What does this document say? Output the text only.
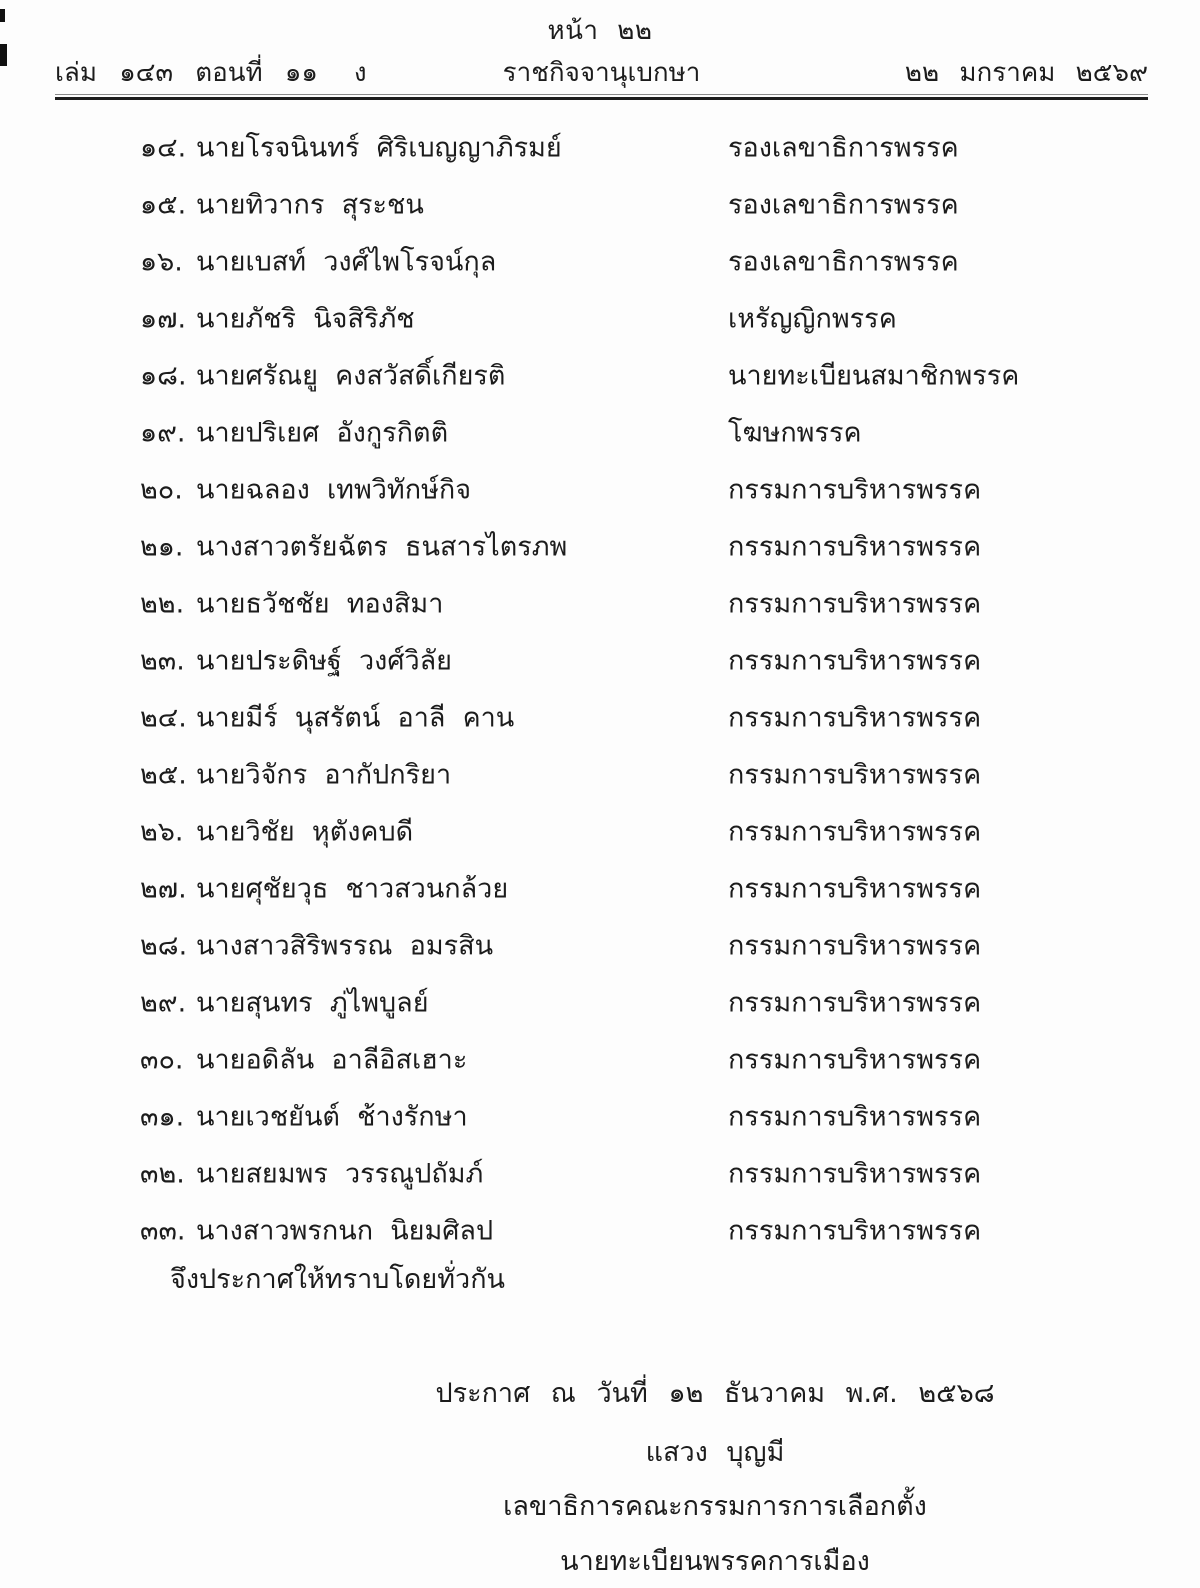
หน้า ๒๒
เล่ม ๑๔๓ ตอนที่ ๑๑ ง	ราชกิจจานุเบกษา	๒๒ มกราคม ๒๕๖๙
๑๔. นายโรจนินทร์  ศิริเบญญาภิรมย์	รองเลขาธิการพรรค
๑๕. นายทิวากร  สุระชน	รองเลขาธิการพรรค
๑๖. นายเบสท์  วงศ์ไพโรจน์กุล	รองเลขาธิการพรรค
๑๗. นายภัชริ  นิจสิริภัช	เหรัญญิกพรรค
๑๘. นายศรัณยู  คงสวัสดิ์เกียรติ	นายทะเบียนสมาชิกพรรค
๑๙. นายปริเยศ  อังกูรกิตติ	โฆษกพรรค
๒๐. นายฉลอง  เทพวิทักษ์กิจ	กรรมการบริหารพรรค
๒๑. นางสาวตรัยฉัตร  ธนสารไตรภพ	กรรมการบริหารพรรค
๒๒. นายธวัชชัย  ทองสิมา	กรรมการบริหารพรรค
๒๓. นายประดิษฐ์  วงศ์วิลัย	กรรมการบริหารพรรค
๒๔. นายมีร์  นุสรัตน์  อาลี  คาน	กรรมการบริหารพรรค
๒๕. นายวิจักร  อากัปกริยา	กรรมการบริหารพรรค
๒๖. นายวิชัย  หุตังคบดี	กรรมการบริหารพรรค
๒๗. นายศุชัยวุธ  ชาวสวนกล้วย	กรรมการบริหารพรรค
๒๘. นางสาวสิริพรรณ  อมรสิน	กรรมการบริหารพรรค
๒๙. นายสุนทร  ภู่ไพบูลย์	กรรมการบริหารพรรค
๓๐. นายอดิลัน  อาลีอิสเฮาะ	กรรมการบริหารพรรค
๓๑. นายเวชยันต์  ช้างรักษา	กรรมการบริหารพรรค
๓๒. นายสยมพร  วรรณูปถัมภ์	กรรมการบริหารพรรค
๓๓. นางสาวพรกนก  นิยมศิลป	กรรมการบริหารพรรค
จึงประกาศให้ทราบโดยทั่วกัน
ประกาศ ณ วันที่ ๑๒ ธันวาคม พ.ศ. ๒๕๖๘
แสวง บุญมี
เลขาธิการคณะกรรมการการเลือกตั้ง
นายทะเบียนพรรคการเมือง
